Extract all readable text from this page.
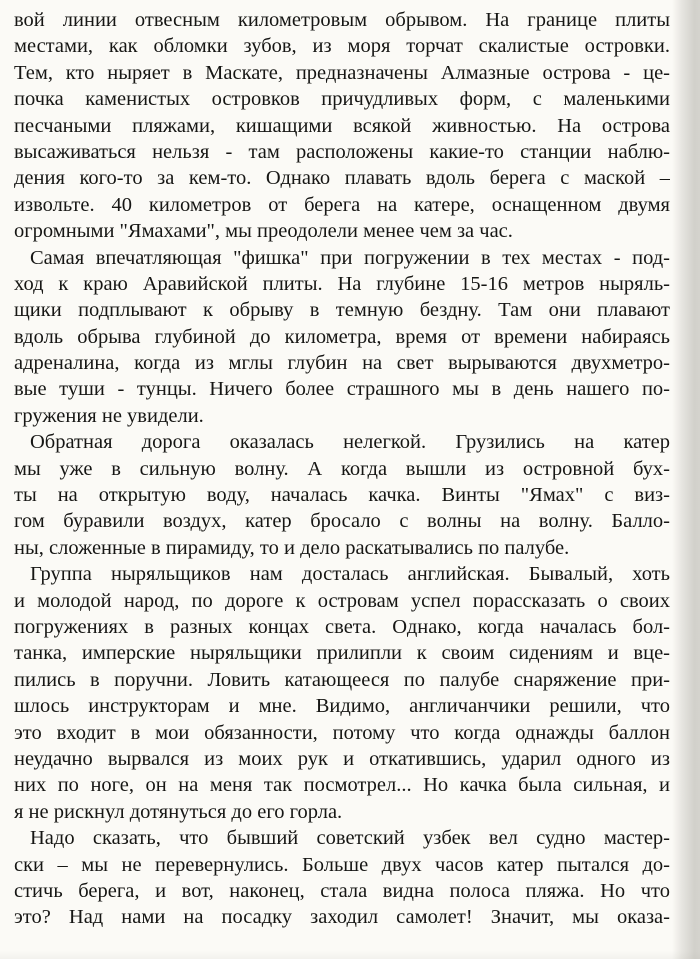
вой линии отвесным километровым обрывом. На границе плиты
местами, как обломки зубов, из моря торчат скалистые островки.
Тем, кто ныряет в Маскате, предназначены Алмазные острова - це-
почка каменистых островков причудливых форм, с маленькими
песчаными пляжами, кишащими всякой живностью. На острова
высаживаться нельзя - там расположены какие-то станции наблю-
дения кого-то за кем-то. Однако плавать вдоль берега с маской –
извольте. 40 километров от берега на катере, оснащенном двумя
огромными "Ямахами", мы преодолели менее чем за час.
Самая впечатляющая "фишка" при погружении в тех местах - под-
ход к краю Аравийской плиты. На глубине 15-16 метров ныряль-
щики подплывают к обрыву в темную бездну. Там они плавают
вдоль обрыва глубиной до километра, время от времени набираясь
адреналина, когда из мглы глубин на свет вырываются двухметро-
вые туши - тунцы. Ничего более страшного мы в день нашего по-
гружения не увидели.
Обратная дорога оказалась нелегкой. Грузились на катер
мы уже в сильную волну. А когда вышли из островной бух-
ты на открытую воду, началась качка. Винты "Ямах" с виз-
гом буравили воздух, катер бросало с волны на волну. Балло-
ны, сложенные в пирамиду, то и дело раскатывались по палубе.
Группа ныряльщиков нам досталась английская. Бывалый, хоть
и молодой народ, по дороге к островам успел порассказать о своих
погружениях в разных концах света. Однако, когда началась бол-
танка, имперские ныряльщики прилипли к своим сидениям и вце-
пились в поручни. Ловить катающееся по палубе снаряжение при-
шлось инструкторам и мне. Видимо, англичанчики решили, что
это входит в мои обязанности, потому что когда однажды баллон
неудачно вырвался из моих рук и откатившись, ударил одного из
них по ноге, он на меня так посмотрел... Но качка была сильная, и
я не рискнул дотянуться до его горла.
Надо сказать, что бывший советский узбек вел судно мастер-
ски – мы не перевернулись. Больше двух часов катер пытался до-
стичь берега, и вот, наконец, стала видна полоса пляжа. Но что
это? Над нами на посадку заходил самолет! Значит, мы оказа-
